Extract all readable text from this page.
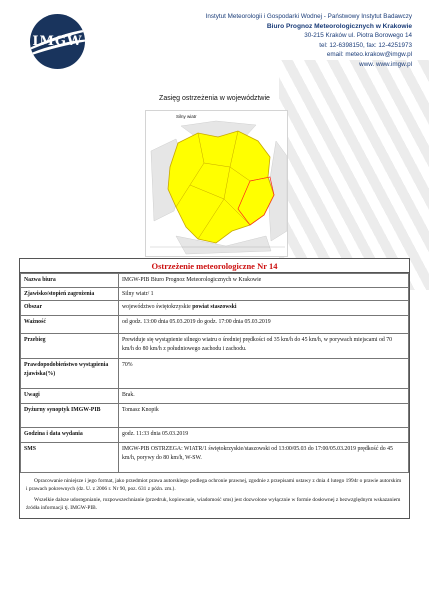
IMGW
Instytut Meteorologii i Gospodarki Wodnej - Państwowy Instytut Badawczy
Biuro Prognoz Meteorologicznych w Krakowie
30-215 Kraków ul. Piotra Borowego 14
tel: 12-6398150, fax: 12-4251973
email: meteo.krakow@imgw.pl
www. www.imgw.pl
Zasięg ostrzeżenia w województwie
Silny wiatr
Ostrzeżenie meteorologiczne Nr 14
Nazwa biura	IMGW-PIB Biuro Prognoz Meteorologicznych w Krakowie
Zjawisko/stopień zagrożenia	Silny wiatr/ 1
Obszar	województwo świętokrzyskie powiat staszowski
Ważność	od godz. 13:00 dnia 05.03.2019 do godz. 17:00 dnia 05.03.2019
Przebieg	Prewiduje się wystąpienie silnego wiatru o średniej prędkości od 35 km/h do 45 km/h, w porywach miejscami od 70 km/h do 80 km/h z południowego zachodu i zachodu.
Prawdopodobieństwo wystąpienia zjawiska(%)	70%
Uwagi	Brak.
Dyżurny synoptyk IMGW-PIB	Tomasz Knopik
Godzina i data wydania	godz. 11:33 dnia 05.03.2019
SMS	IMGW-PIB OSTRZEGA: WIATR/1 świętokrzyskie/staszowski od 13:00/05.03 do 17:00/05.03.2019 prędkość do 45 km/h, porywy do 80 km/h, W-SW.

Opracowanie niniejsze i jego format, jako przedmiot prawa autorskiego podlega ochronie prawnej, zgodnie z przepisami ustawy z dnia 4 lutego 1994r o prawie autorskim i prawach pokrewnych (dz. U. z 2006 r. Nr 90, poz. 631 z późn. zm.).

Wszelkie dalsze udostępnianie, rozpowszechnianie (przedruk, kopiowanie, wiadomość sms) jest dozwolone wyłącznie w formie dosłownej z bezwzględnym wskazaniem źródła informacji tj. IMGW-PIB.
